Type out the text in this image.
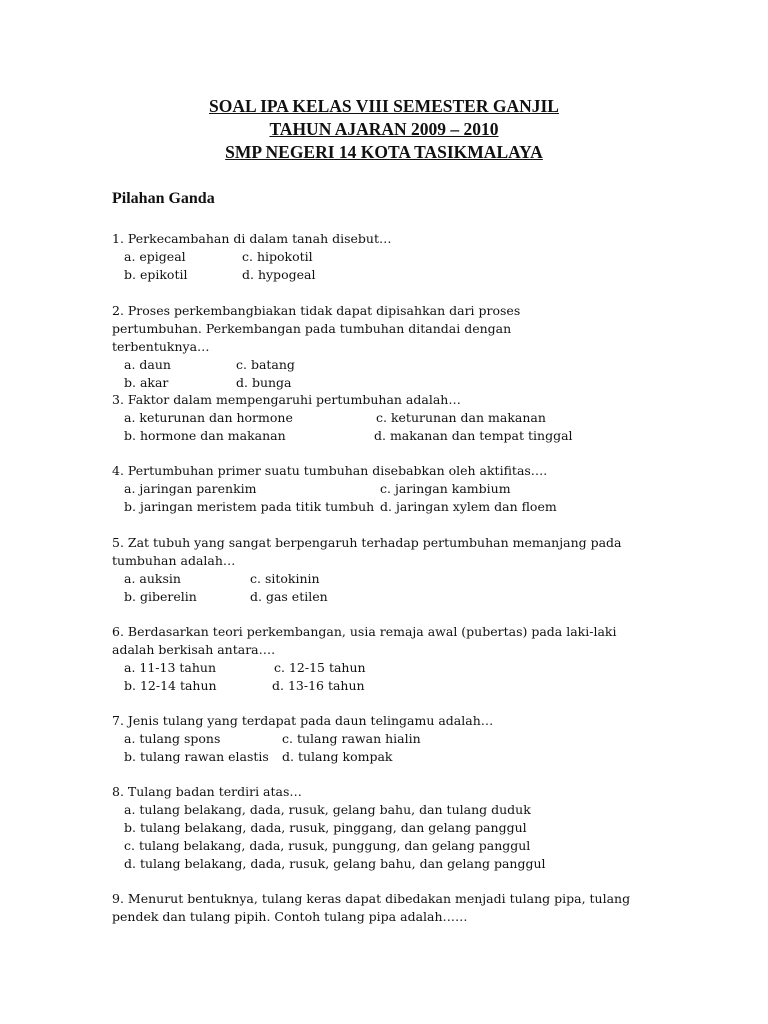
SOAL IPA KELAS VIII SEMESTER GANJIL
TAHUN AJARAN 2009 – 2010
SMP NEGERI 14 KOTA TASIKMALAYA
Pilahan Ganda
1. Perkecambahan di dalam tanah disebut…
a. epigeal	c. hipokotil
b. epikotil	d. hypogeal
2. Proses perkembangbiakan tidak dapat dipisahkan dari proses pertumbuhan. Perkembangan pada tumbuhan ditandai dengan terbentuknya…
a. daun	c. batang
b. akar	d. bunga
3. Faktor dalam mempengaruhi pertumbuhan adalah…
a. keturunan dan hormone	c. keturunan dan makanan
b. hormone dan makanan	d. makanan dan tempat tinggal
4. Pertumbuhan primer suatu tumbuhan disebabkan oleh aktifitas….
a. jaringan parenkim	c. jaringan kambium
b. jaringan meristem pada titik tumbuh d. jaringan xylem dan floem
5. Zat tubuh yang sangat berpengaruh terhadap pertumbuhan memanjang pada tumbuhan adalah…
a. auksin	c. sitokinin
b. giberelin	d. gas etilen
6. Berdasarkan teori perkembangan, usia remaja awal (pubertas) pada laki-laki adalah berkisah antara….
a. 11-13 tahun	c. 12-15 tahun
b. 12-14 tahun	d. 13-16 tahun
7. Jenis tulang yang terdapat pada daun telingamu adalah…
a. tulang spons	c. tulang rawan hialin
b. tulang rawan elastis d. tulang kompak
8. Tulang badan terdiri atas…
a. tulang belakang, dada, rusuk, gelang bahu, dan tulang duduk
b. tulang belakang, dada, rusuk, pinggang, dan gelang panggul
c. tulang belakang, dada, rusuk, punggung, dan gelang panggul
d. tulang belakang, dada, rusuk, gelang bahu, dan gelang panggul
9. Menurut bentuknya, tulang keras dapat dibedakan menjadi tulang pipa, tulang pendek dan tulang pipih. Contoh tulang pipa adalah……
